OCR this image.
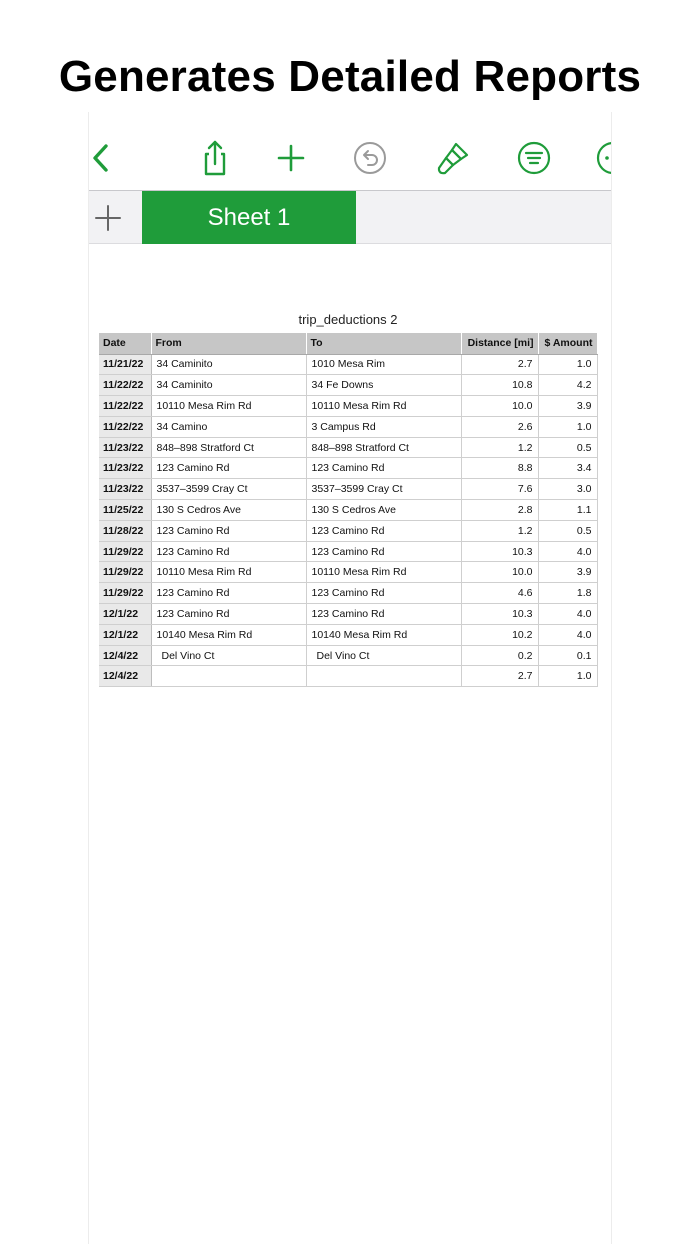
Generates Detailed Reports
Sheet 1
trip_deductions 2
Date	From	To	Distance [mi]	$ Amount
11/21/22	34 Caminito	1010 Mesa Rim	2.7	1.0
11/22/22	34 Caminito	34 Fe Downs	10.8	4.2
11/22/22	10110 Mesa Rim Rd	10110 Mesa Rim Rd	10.0	3.9
11/22/22	34 Camino	3 Campus Rd	2.6	1.0
11/23/22	848–898 Stratford Ct	848–898 Stratford Ct	1.2	0.5
11/23/22	123 Camino Rd	123 Camino Rd	8.8	3.4
11/23/22	3537–3599 Cray Ct	3537–3599 Cray Ct	7.6	3.0
11/25/22	130 S Cedros Ave	130 S Cedros Ave	2.8	1.1
11/28/22	123 Camino Rd	123 Camino Rd	1.2	0.5
11/29/22	123 Camino Rd	123 Camino Rd	10.3	4.0
11/29/22	10110 Mesa Rim Rd	10110 Mesa Rim Rd	10.0	3.9
11/29/22	123 Camino Rd	123 Camino Rd	4.6	1.8
12/1/22	123 Camino Rd	123 Camino Rd	10.3	4.0
12/1/22	10140 Mesa Rim Rd	10140 Mesa Rim Rd	10.2	4.0
12/4/22	Del Vino Ct	Del Vino Ct	0.2	0.1
12/4/22			2.7	1.0
